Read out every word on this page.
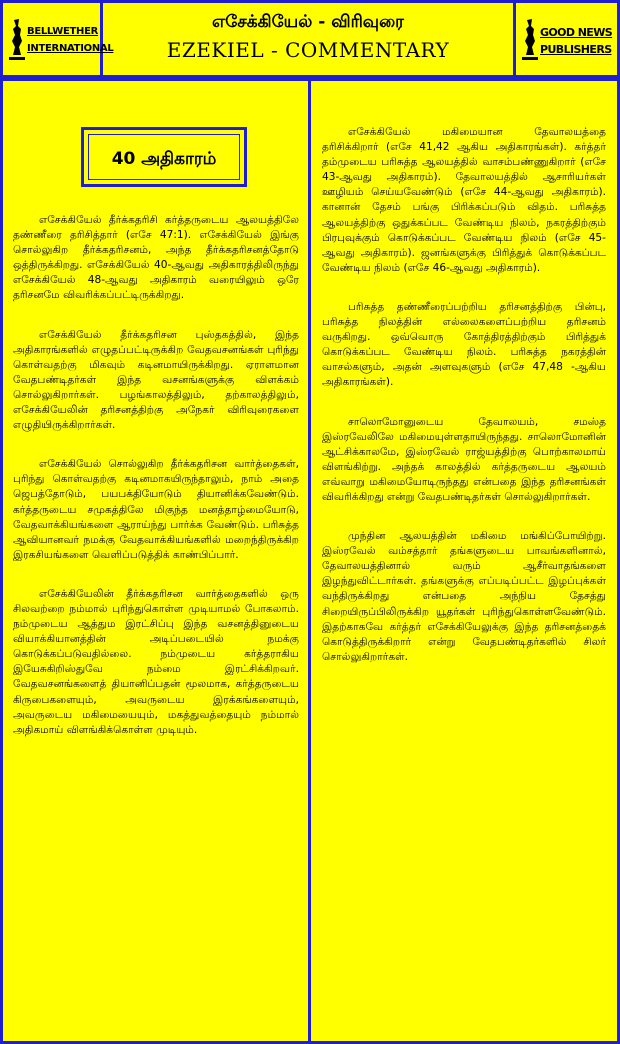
BELLWETHER
INTERNATIONAL
எசேக்கியேல் - விரிவுரை
EZEKIEL - COMMENTARY
GOOD NEWS
PUBLISHERS
40 அதிகாரம்

எசேக்கியேல் தீர்க்கதரிசி கர்த்தருடைய ஆலயத்திலே தண்ணீரை தரிசித்தார் (எசே 47:1). எசேக்கியேல் இங்கு சொல்லுகிற தீர்க்கதரிசனம், அந்த தீர்க்கதரிசனத்தோடு ஒத்திருக்கிறது. எசேக்கியேல் 40-ஆவது அதிகாரத்திலிருந்து எசேக்கியேல் 48-ஆவது அதிகாரம் வரையிலும் ஒரே தரிசனமே விவரிக்கப்பட்டிருக்கிறது.

எசேக்கியேல் தீர்க்கதரிசன புஸ்தகத்தில், இந்த அதிகாரங்களில் எழுதப்பட்டிருக்கிற வேதவசனங்கள் புரிந்து கொள்வதற்கு மிகவும் கடினமாயிருக்கிறது. ஏராளமான வேதபண்டிதர்கள் இந்த வசனங்களுக்கு விளக்கம் சொல்லுகிறார்கள். பழங்காலத்திலும், தற்காலத்திலும், எசேக்கியேலின் தரிசனத்திற்கு அநேகர் விரிவுரைகளை எழுதியிருக்கிறார்கள்.

எசேக்கியேல் சொல்லுகிற தீர்க்கதரிசன வார்த்தைகள், புரிந்து கொள்வதற்கு கடினமாகயிருந்தாலும், நாம் அதை ஜெபத்தோடும், பயபக்தியோடும் தியானிக்கவேண்டும். கர்த்தருடைய சமுகத்திலே மிகுந்த மனத்தாழ்மையோடு, வேதவாக்கியங்களை ஆராய்ந்து பார்க்க வேண்டும். பரிசுத்த ஆவியானவர் நமக்கு வேதவாக்கியங்களில் மறைந்திருக்கிற இரகசியங்களை வெளிப்படுத்திக் காண்பிப்பார்.

எசேக்கியேலின் தீர்க்கதரிசன வார்த்தைகளில் ஒரு சிலவற்றை நம்மால் புரிந்துகொள்ள முடியாமல் போகலாம். நம்முடைய ஆத்தும இரட்சிப்பு இந்த வசனத்தினுடைய வியாக்கியானத்தின் அடிப்படையில் நமக்கு கொடுக்கப்படுவதில்லை. நம்முடைய கர்த்தராகிய இயேசுகிறிஸ்துவே நம்மை இரட்சிக்கிறவர். வேதவசனங்களைத் தியானிப்பதன் மூலமாக, கர்த்தருடைய கிருபைகளையும், அவருடைய இரக்கங்களையும், அவருடைய மகிமையையும், மகத்துவத்தையும் நம்மால் அதிகமாய் விளங்கிக்கொள்ள முடியும்.

எசேக்கியேல் மகிமையான தேவாலயத்தை தரிசிக்கிறார் (எசே 41,42 ஆகிய அதிகாரங்கள்). கர்த்தர் தம்முடைய பரிசுத்த ஆலயத்தில் வாசம்பண்ணுகிறார் (எசே 43-ஆவது அதிகாரம்). தேவாலயத்தில் ஆசாரியர்கள் ஊழியம் செய்யவேண்டும் (எசே 44-ஆவது அதிகாரம்). கானான் தேசம் பங்கு பிரிக்கப்படும் விதம். பரிசுத்த ஆலயத்திற்கு ஒதுக்கப்பட வேண்டிய நிலம், நகரத்திற்கும் பிரபுவுக்கும் கொடுக்கப்பட வேண்டிய நிலம் (எசே 45-ஆவது அதிகாரம்). ஜனங்களுக்கு பிரித்துக் கொடுக்கப்பட வேண்டிய நிலம் (எசே 46-ஆவது அதிகாரம்).

பரிசுத்த தண்ணீரைப்பற்றிய தரிசனத்திற்கு பின்பு, பரிசுத்த நிலத்தின் எல்லைகளைப்பற்றிய தரிசனம் வருகிறது. ஒவ்வொரு கோத்திரத்திற்கும் பிரித்துக் கொடுக்கப்பட வேண்டிய நிலம். பரிசுத்த நகரத்தின் வாசல்களும், அதன் அளவுகளும் (எசே 47,48 -ஆகிய அதிகாரங்கள்).

சாலொமோனுடைய தேவாலயம், சமஸ்த இஸ்ரவேலிலே மகிமையுள்ளதாயிருந்தது. சாலொமோனின் ஆட்சிக்காலமே, இஸ்ரவேல் ராஜ்யத்திற்கு பொற்காலமாய் விளங்கிற்று. அந்தக் காலத்தில் கர்த்தருடைய ஆலயம் எவ்வாறு மகிமையோடிருந்தது என்பதை இந்த தரிசனங்கள் விவரிக்கிறது என்று வேதபண்டிதர்கள் சொல்லுகிறார்கள்.

முந்தின ஆலயத்தின் மகிமை மங்கிப்போயிற்று. இஸ்ரவேல் வம்சத்தார் தங்களுடைய பாவங்களினால், தேவாலயத்தினால் வரும் ஆசீர்வாதங்களை இழந்துவிட்டார்கள். தங்களுக்கு எப்படிப்பட்ட இழப்புக்கள் வந்திருக்கிறது என்பதை அந்நிய தேசத்து சிறையிருப்பிலிருக்கிற யூதர்கள் புரிந்துகொள்ளவேண்டும். இதற்காகவே கர்த்தர் எசேக்கியேலுக்கு இந்த தரிசனத்தைக் கொடுத்திருக்கிறார் என்று வேதபண்டிதர்களில் சிலர் சொல்லுகிறார்கள்.
